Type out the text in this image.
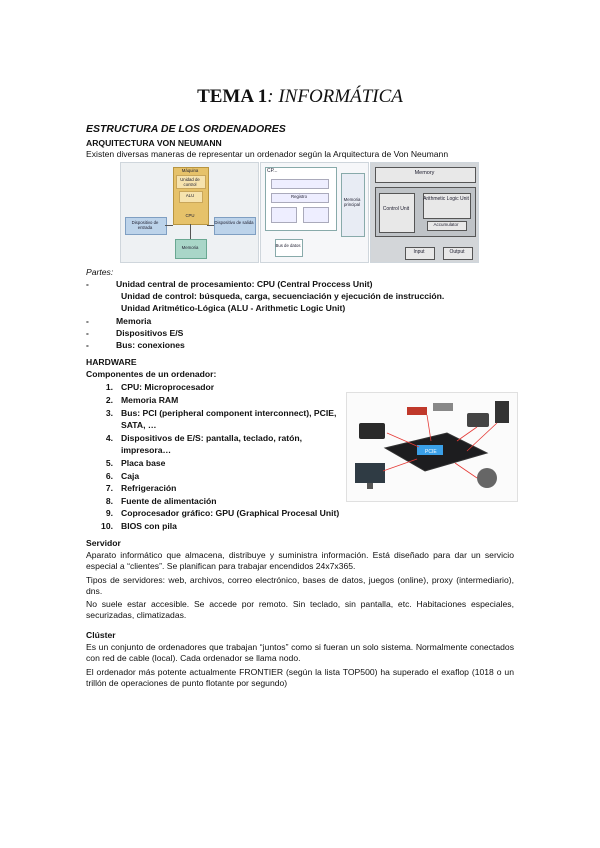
TEMA 1: INFORMÁTICA
ESTRUCTURA DE LOS ORDENADORES
ARQUITECTURA VON NEUMANN
Existen diversas maneras de representar un ordenador según la Arquitectura de Von Neumann
Máquina
Unidad de control
ALU
CPU
Dispositivo de entrada
Dispositivo de salida
Memoria
CP...
Registro
Memoria principal
Bus de datos
Memory
Control Unit
Arithmetic Logic Unit
Accumulator
Input	Output
Partes:
-	Unidad central de procesamiento: CPU (Central Proccess Unit)
Unidad de control: búsqueda, carga, secuenciación y ejecución de instrucción.
Unidad Aritmético-Lógica (ALU - Arithmetic Logic Unit)
-	Memoria
-	Dispositivos E/S
-	Bus: conexiones
HARDWARE
Componentes de un ordenador:
1. CPU: Microprocesador
2. Memoria RAM
3. Bus: PCI (peripheral component interconnect), PCIE,
SATA, …
4. Dispositivos de E/S: pantalla, teclado, ratón,
impresora…
5. Placa base
6. Caja
7. Refrigeración
8. Fuente de alimentación
9. Coprocesador gráfico: GPU (Graphical Procesal Unit)
10. BIOS con pila
PCIE
Servidor
Aparato informático que almacena, distribuye y suministra información. Está diseñado para dar un servicio especial a “clientes”. Se planifican para trabajar encendidos 24x7x365.
Tipos de servidores: web, archivos, correo electrónico, bases de datos, juegos (online), proxy (intermediario), dns.
No suele estar accesible. Se accede por remoto. Sin teclado, sin pantalla, etc. Habitaciones especiales, securizadas, climatizadas.
Clúster
Es un conjunto de ordenadores que trabajan “juntos” como si fueran un solo sistema. Normalmente conectados con red de cable (local). Cada ordenador se llama nodo.
El ordenador más potente actualmente FRONTIER (según la lista TOP500) ha superado el exaflop (1018 o un trillón de operaciones de punto flotante por segundo)
